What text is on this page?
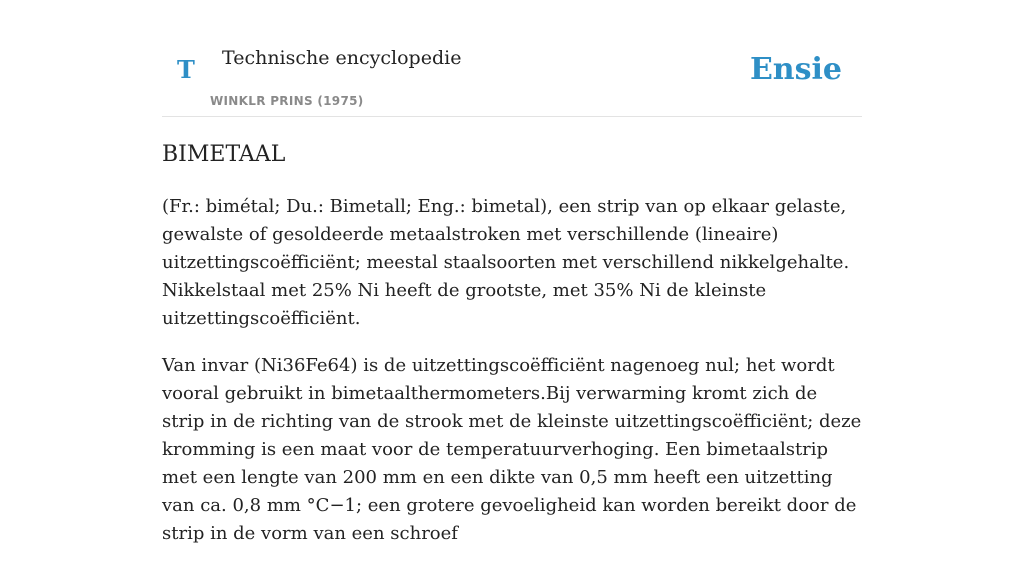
T Technische encyclopedie
WINKLR PRINS (1975)
Ensie
BIMETAAL

(Fr.: bimétal; Du.: Bimetall; Eng.: bimetal), een strip van op elkaar gelaste, gewalste of gesoldeerde metaalstroken met verschillende (lineaire) uitzettingscoëfficiënt; meestal staalsoorten met verschillend nikkelgehalte. Nikkelstaal met 25% Ni heeft de grootste, met 35% Ni de kleinste uitzettingscoëfficiënt.

Van invar (Ni36Fe64) is de uitzettingscoëfficiënt nagenoeg nul; het wordt vooral gebruikt in bimetaalthermometers.Bij verwarming kromt zich de strip in de richting van de strook met de kleinste uitzettingscoëfficiënt; deze kromming is een maat voor de temperatuurverhoging. Een bimetaalstrip met een lengte van 200 mm en een dikte van 0,5 mm heeft een uitzetting van ca. 0,8 mm °C−1; een grotere gevoeligheid kan worden bereikt door de strip in de vorm van een schroef
